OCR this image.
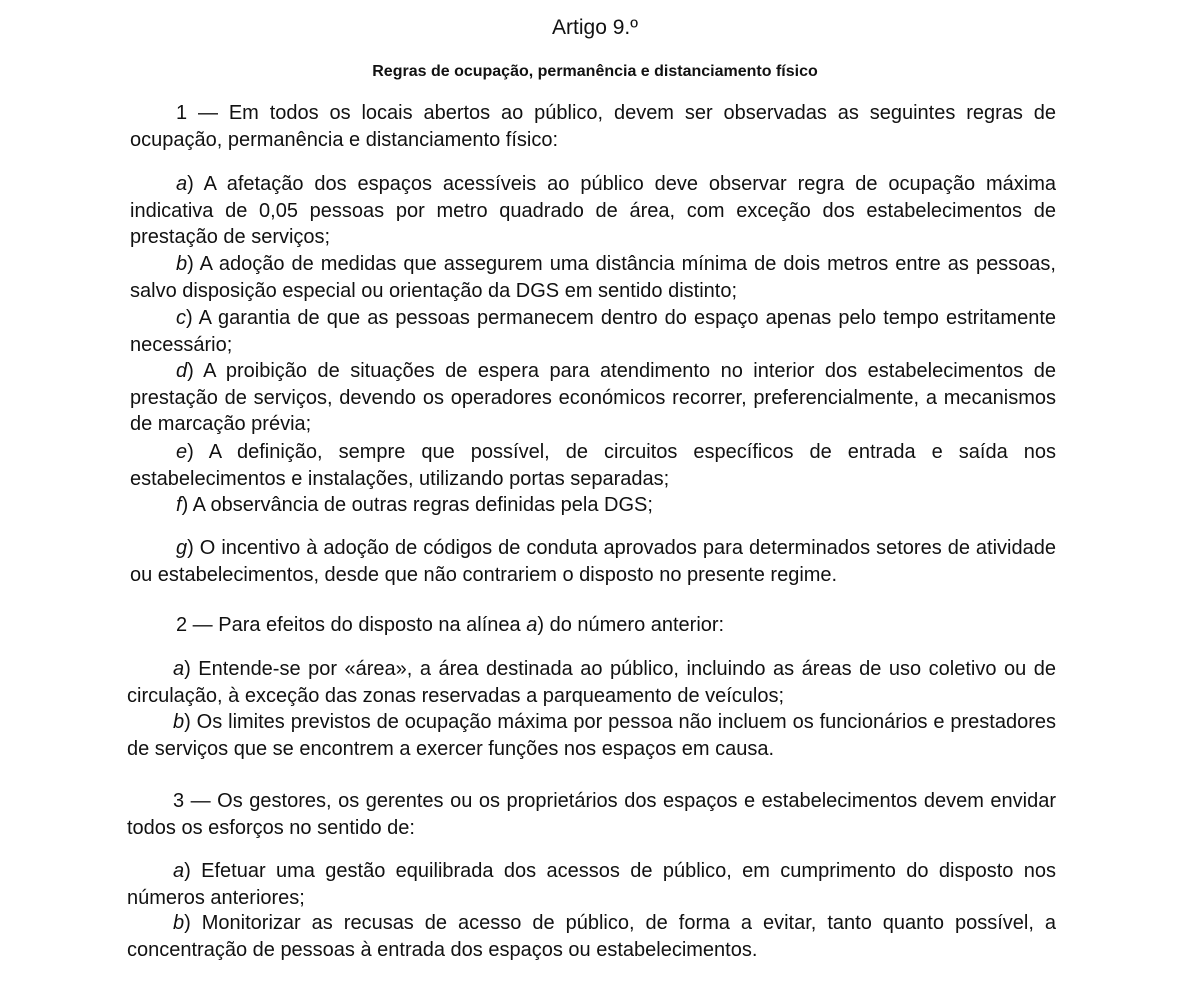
Artigo 9.º
Regras de ocupação, permanência e distanciamento físico
1 — Em todos os locais abertos ao público, devem ser observadas as seguintes regras de ocupação, permanência e distanciamento físico:
a) A afetação dos espaços acessíveis ao público deve observar regra de ocupação máxima indicativa de 0,05 pessoas por metro quadrado de área, com exceção dos estabelecimentos de prestação de serviços;
b) A adoção de medidas que assegurem uma distância mínima de dois metros entre as pessoas, salvo disposição especial ou orientação da DGS em sentido distinto;
c) A garantia de que as pessoas permanecem dentro do espaço apenas pelo tempo estritamente necessário;
d) A proibição de situações de espera para atendimento no interior dos estabelecimentos de prestação de serviços, devendo os operadores económicos recorrer, preferencialmente, a mecanismos de marcação prévia;
e) A definição, sempre que possível, de circuitos específicos de entrada e saída nos estabelecimentos e instalações, utilizando portas separadas;
f) A observância de outras regras definidas pela DGS;
g) O incentivo à adoção de códigos de conduta aprovados para determinados setores de atividade ou estabelecimentos, desde que não contrariem o disposto no presente regime.
2 — Para efeitos do disposto na alínea a) do número anterior:
a) Entende-se por «área», a área destinada ao público, incluindo as áreas de uso coletivo ou de circulação, à exceção das zonas reservadas a parqueamento de veículos;
b) Os limites previstos de ocupação máxima por pessoa não incluem os funcionários e prestadores de serviços que se encontrem a exercer funções nos espaços em causa.
3 — Os gestores, os gerentes ou os proprietários dos espaços e estabelecimentos devem envidar todos os esforços no sentido de:
a) Efetuar uma gestão equilibrada dos acessos de público, em cumprimento do disposto nos números anteriores;
b) Monitorizar as recusas de acesso de público, de forma a evitar, tanto quanto possível, a concentração de pessoas à entrada dos espaços ou estabelecimentos.
